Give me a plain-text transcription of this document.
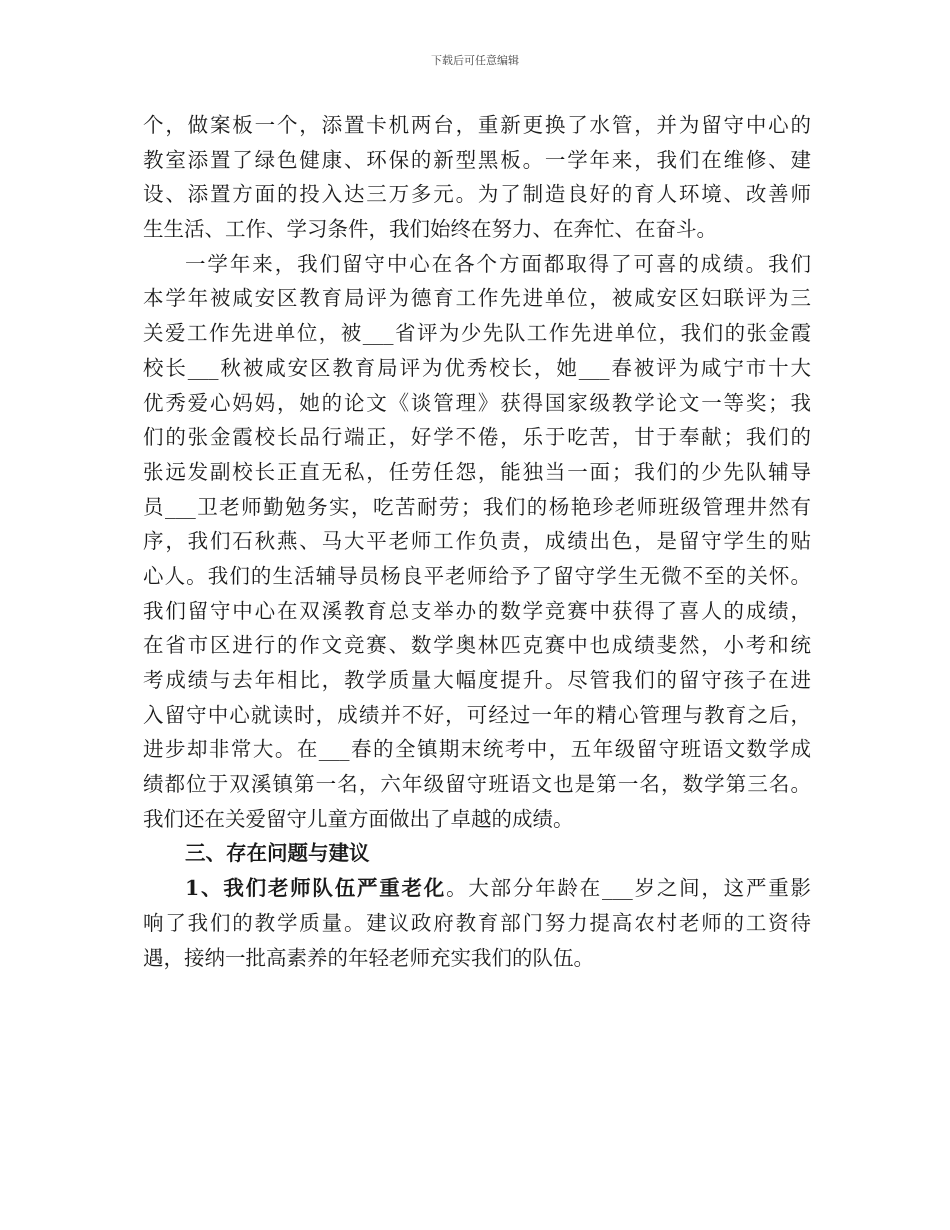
下载后可任意编辑
个，做案板一个，添置卡机两台，重新更换了水管，并为留守中心的
教室添置了绿色健康、环保的新型黑板。一学年来，我们在维修、建
设、添置方面的投入达三万多元。为了制造良好的育人环境、改善师
生生活、工作、学习条件，我们始终在努力、在奔忙、在奋斗。
一学年来，我们留守中心在各个方面都取得了可喜的成绩。我们
本学年被咸安区教育局评为德育工作先进单位，被咸安区妇联评为三
关爱工作先进单位，被___省评为少先队工作先进单位，我们的张金霞
校长___秋被咸安区教育局评为优秀校长，她___春被评为咸宁市十大
优秀爱心妈妈，她的论文《谈管理》获得国家级教学论文一等奖；我
们的张金霞校长品行端正，好学不倦，乐于吃苦，甘于奉献；我们的
张远发副校长正直无私，任劳任怨，能独当一面；我们的少先队辅导
员___卫老师勤勉务实，吃苦耐劳；我们的杨艳珍老师班级管理井然有
序，我们石秋燕、马大平老师工作负责，成绩出色，是留守学生的贴
心人。我们的生活辅导员杨良平老师给予了留守学生无微不至的关怀。
我们留守中心在双溪教育总支举办的数学竞赛中获得了喜人的成绩，
在省市区进行的作文竞赛、数学奥林匹克赛中也成绩斐然，小考和统
考成绩与去年相比，教学质量大幅度提升。尽管我们的留守孩子在进
入留守中心就读时，成绩并不好，可经过一年的精心管理与教育之后，
进步却非常大。在___春的全镇期末统考中，五年级留守班语文数学成
绩都位于双溪镇第一名，六年级留守班语文也是第一名，数学第三名。
我们还在关爱留守儿童方面做出了卓越的成绩。
三、存在问题与建议
1、我们老师队伍严重老化。大部分年龄在___岁之间，这严重影
响了我们的教学质量。建议政府教育部门努力提高农村老师的工资待
遇，接纳一批高素养的年轻老师充实我们的队伍。
